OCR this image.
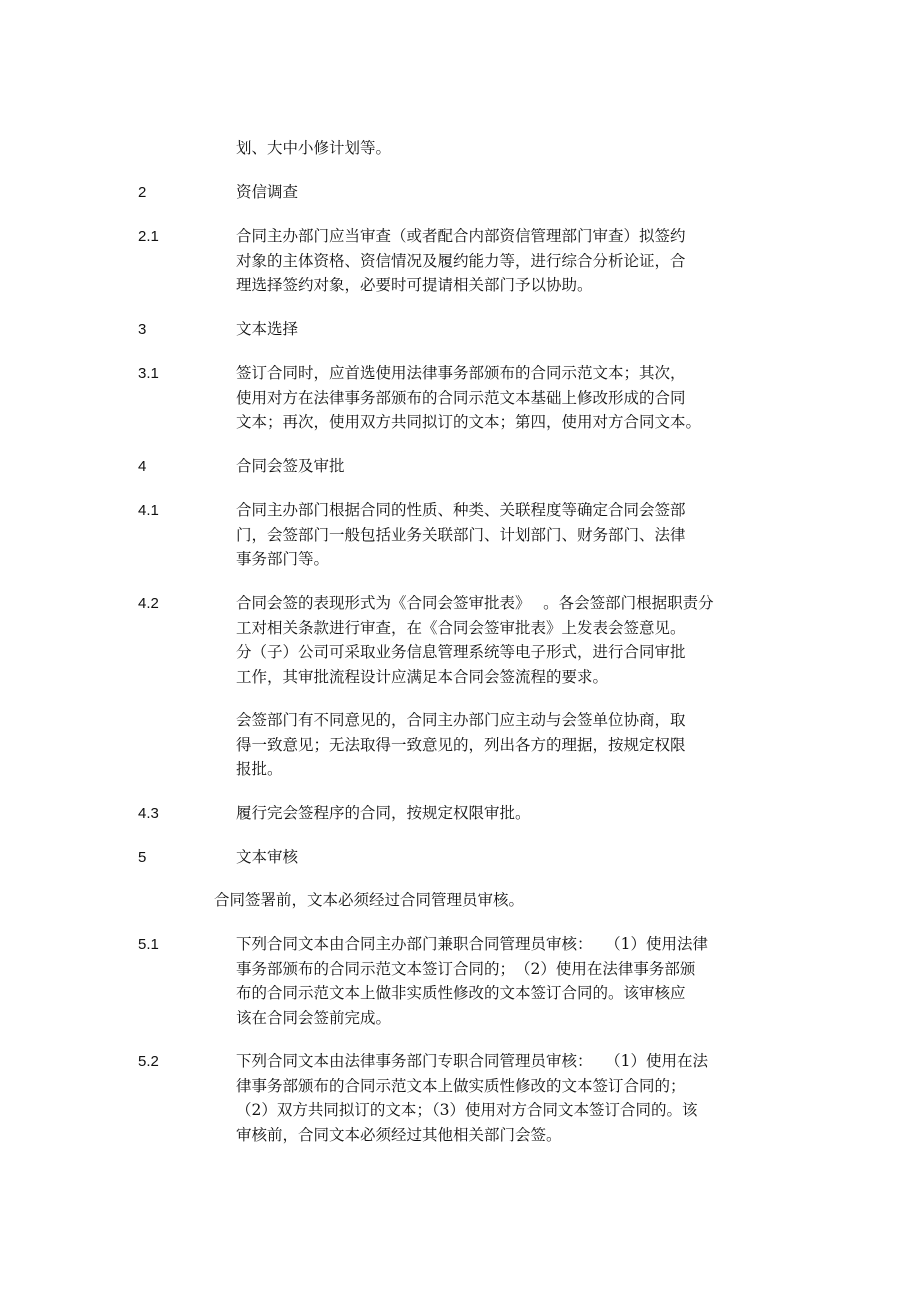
划、大中小修计划等。
2	资信调查
2.1	合同主办部门应当审查（或者配合内部资信管理部门审查）拟签约
对象的主体资格、资信情况及履约能力等，进行综合分析论证，合
理选择签约对象，必要时可提请相关部门予以协助。
3	文本选择
3.1	签订合同时，应首选使用法律事务部颁布的合同示范文本；其次，
使用对方在法律事务部颁布的合同示范文本基础上修改形成的合同
文本；再次，使用双方共同拟订的文本；第四，使用对方合同文本。
4	合同会签及审批
4.1	合同主办部门根据合同的性质、种类、关联程度等确定合同会签部
门，会签部门一般包括业务关联部门、计划部门、财务部门、法律
事务部门等。
4.2	合同会签的表现形式为《合同会签审批表》　 。各会签部门根据职责分
工对相关条款进行审查，在《合同会签审批表》上发表会签意见。
分（子）公司可采取业务信息管理系统等电子形式，进行合同审批
工作，其审批流程设计应满足本合同会签流程的要求。
会签部门有不同意见的，合同主办部门应主动与会签单位协商，取
得一致意见；无法取得一致意见的，列出各方的理据，按规定权限
报批。
4.3	履行完会签程序的合同，按规定权限审批。
5	文本审核
合同签署前，文本必须经过合同管理员审核。
5.1	下列合同文本由合同主办部门兼职合同管理员审核：　 （1）使用法律
事务部颁布的合同示范文本签订合同的；　（2）使用在法律事务部颁
布的合同示范文本上做非实质性修改的文本签订合同的。该审核应
该在合同会签前完成。
5.2	下列合同文本由法律事务部门专职合同管理员审核：　 （1）使用在法
律事务部颁布的合同示范文本上做实质性修改的文本签订合同的；
（2）双方共同拟订的文本；（3）使用对方合同文本签订合同的。该
审核前，合同文本必须经过其他相关部门会签。
